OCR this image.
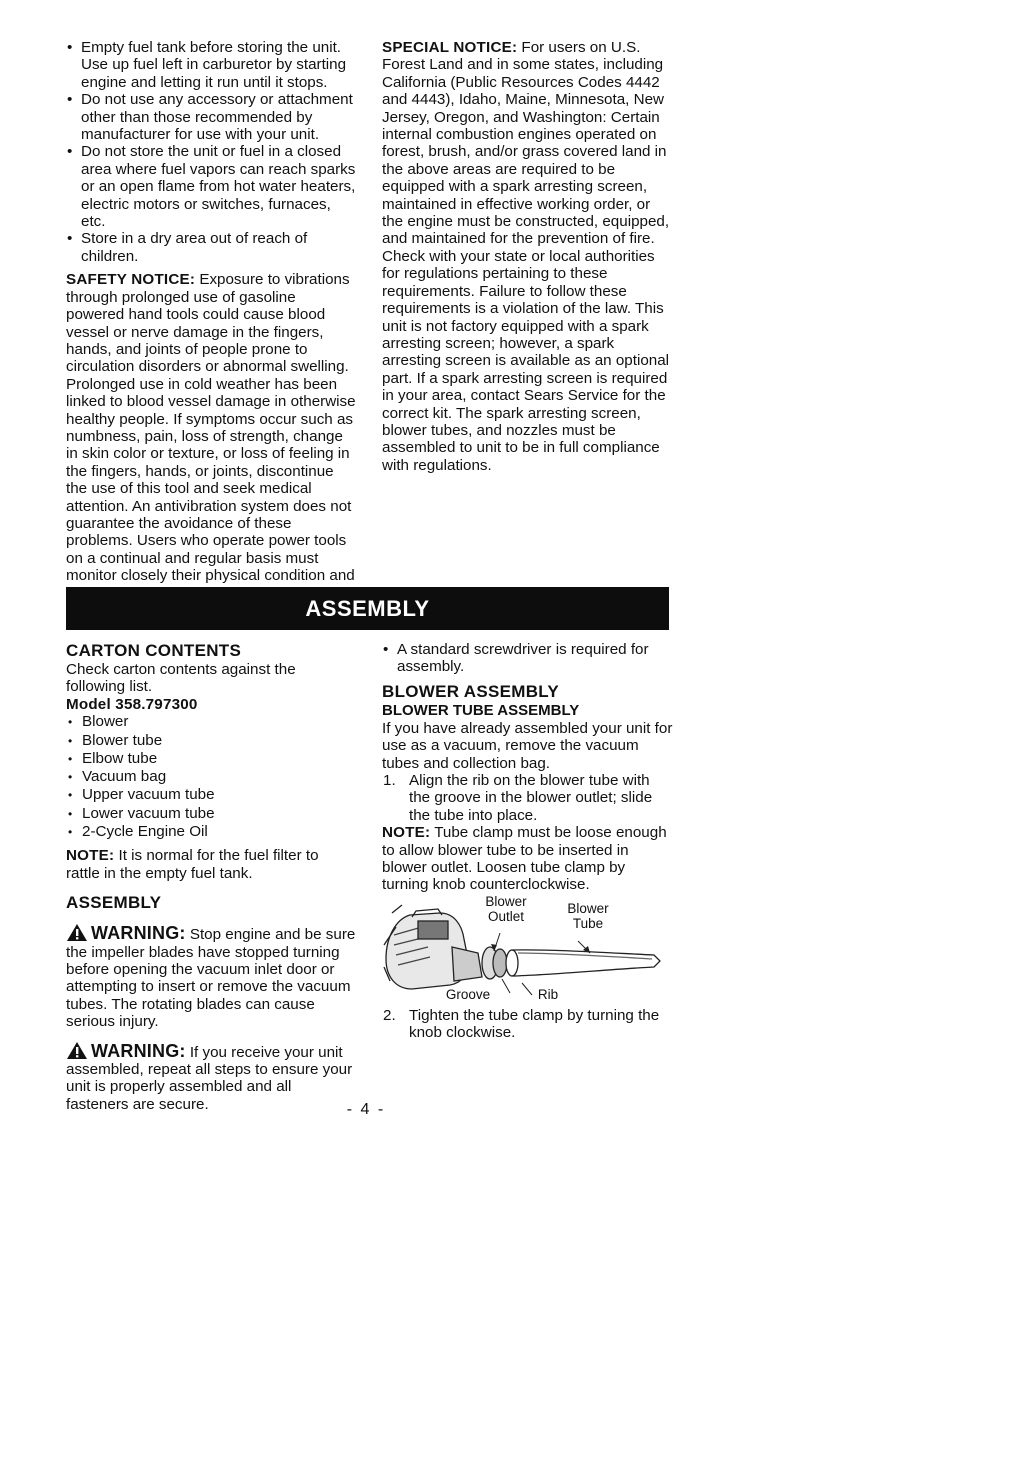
• Empty fuel tank before storing the unit. Use up fuel left in carburetor by starting engine and letting it run until it stops.
• Do not use any accessory or attachment other than those recommended by manufacturer for use with your unit.
• Do not store the unit or fuel in a closed area where fuel vapors can reach sparks or an open flame from hot water heaters, electric motors or switches, furnaces, etc.
• Store in a dry area out of reach of children.

SAFETY NOTICE: Exposure to vibrations through prolonged use of gasoline powered hand tools could cause blood vessel or nerve damage in the fingers, hands, and joints of people prone to circulation disorders or abnormal swelling. Prolonged use in cold weather has been linked to blood vessel damage in otherwise healthy people. If symptoms occur such as numbness, pain, loss of strength, change in skin color or texture, or loss of feeling in the fingers, hands, or joints, discontinue the use of this tool and seek medical attention. An antivibration system does not guarantee the avoidance of these problems. Users who operate power tools on a continual and regular basis must monitor closely their physical condition and

SPECIAL NOTICE: For users on U.S. Forest Land and in some states, including California (Public Resources Codes 4442 and 4443), Idaho, Maine, Minnesota, New Jersey, Oregon, and Washington: Certain internal combustion engines operated on forest, brush, and/or grass covered land in the above areas are required to be equipped with a spark arresting screen, maintained in effective working order, or the engine must be constructed, equipped, and maintained for the prevention of fire. Check with your state or local authorities for regulations pertaining to these requirements. Failure to follow these requirements is a violation of the law. This unit is not factory equipped with a spark arresting screen; however, a spark arresting screen is available as an optional part. If a spark arresting screen is required in your area, contact Sears Service for the correct kit. The spark arresting screen, blower tubes, and nozzles must be assembled to unit to be in full compliance with regulations.

ASSEMBLY
CARTON CONTENTS

Check carton contents against the following list.

Model 358.797300

• Blower
• Blower tube
• Elbow tube
• Vacuum bag
• Upper vacuum tube
• Lower vacuum tube
• 2-Cycle Engine Oil

NOTE: It is normal for the fuel filter to rattle in the empty fuel tank.

ASSEMBLY

WARNING: Stop engine and be sure the impeller blades have stopped turning before opening the vacuum inlet door or attempting to insert or remove the vacuum tubes. The rotating blades can cause serious injury.

WARNING: If you receive your unit assembled, repeat all steps to ensure your unit is properly assembled and all fasteners are secure.

• A standard screwdriver is required for assembly.
BLOWER ASSEMBLY
BLOWER TUBE ASSEMBLY

If you have already assembled your unit for use as a vacuum, remove the vacuum tubes and collection bag.

1. Align the rib on the blower tube with the groove in the blower outlet; slide the tube into place.

NOTE: Tube clamp must be loose enough to allow blower tube to be inserted in blower outlet. Loosen tube clamp by turning knob counterclockwise.

Blower Outlet
Blower Tube
Groove	Rib
2. Tighten the tube clamp by turning the knob clockwise.
- 4 -
